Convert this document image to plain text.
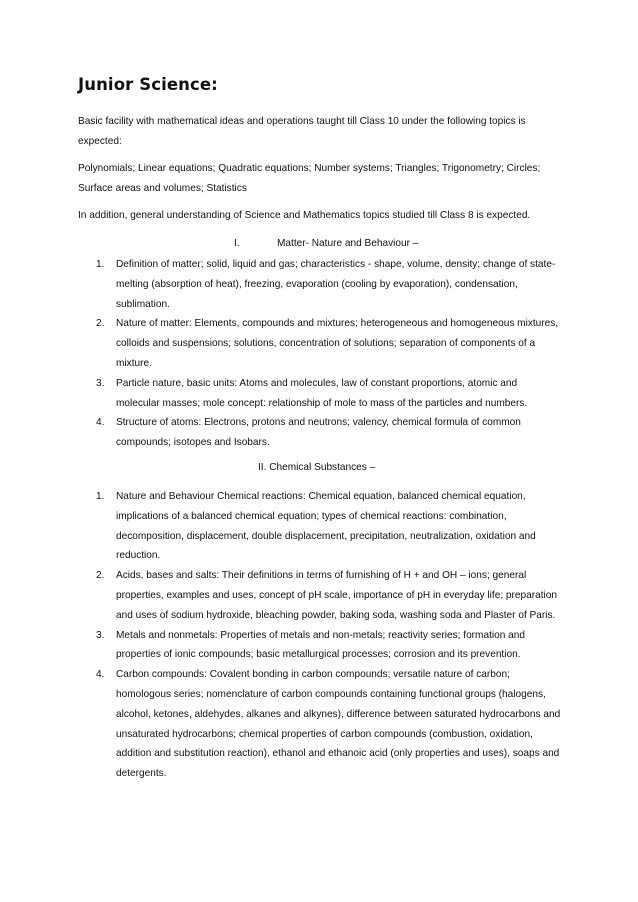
Junior Science:

Basic facility with mathematical ideas and operations taught till Class 10 under the following topics is expected:

Polynomials; Linear equations; Quadratic equations; Number systems; Triangles; Trigonometry; Circles; Surface areas and volumes; Statistics

In addition, general understanding of Science and Mathematics topics studied till Class 8 is expected.

I.	Matter- Nature and Behaviour –
1. Definition of matter; solid, liquid and gas; characteristics - shape, volume, density; change of state-melting (absorption of heat), freezing, evaporation (cooling by evaporation), condensation, sublimation.
2. Nature of matter: Elements, compounds and mixtures; heterogeneous and homogeneous mixtures, colloids and suspensions; solutions, concentration of solutions; separation of components of a mixture.
3. Particle nature, basic units: Atoms and molecules, law of constant proportions, atomic and molecular masses; mole concept: relationship of mole to mass of the particles and numbers.
4. Structure of atoms: Electrons, protons and neutrons; valency, chemical formula of common compounds; isotopes and Isobars.
II. Chemical Substances –
1. Nature and Behaviour Chemical reactions: Chemical equation, balanced chemical equation, implications of a balanced chemical equation; types of chemical reactions: combination, decomposition, displacement, double displacement, precipitation, neutralization, oxidation and reduction.
2. Acids, bases and salts: Their definitions in terms of furnishing of H + and OH – ions; general properties, examples and uses, concept of pH scale, importance of pH in everyday life; preparation and uses of sodium hydroxide, bleaching powder, baking soda, washing soda and Plaster of Paris.
3. Metals and nonmetals: Properties of metals and non-metals; reactivity series; formation and properties of ionic compounds; basic metallurgical processes; corrosion and its prevention.
4. Carbon compounds: Covalent bonding in carbon compounds; versatile nature of carbon; homologous series; nomenclature of carbon compounds containing functional groups (halogens, alcohol, ketones, aldehydes, alkanes and alkynes), difference between saturated hydrocarbons and unsaturated hydrocarbons; chemical properties of carbon compounds (combustion, oxidation, addition and substitution reaction), ethanol and ethanoic acid (only properties and uses), soaps and detergents.
